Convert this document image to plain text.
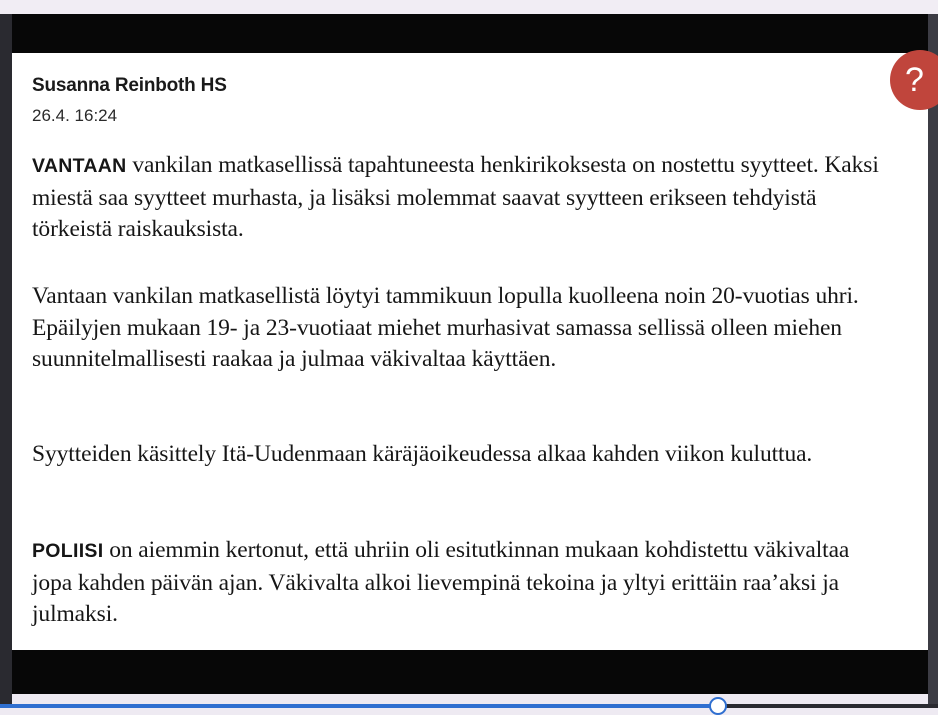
Susanna Reinboth HS
26.4. 16:24

VANTAAN vankilan matkasellissä tapahtuneesta henkirikoksesta on nostettu syytteet. Kaksi miestä saa syytteet murhasta, ja lisäksi molemmat saavat syytteen erikseen tehdyistä törkeistä raiskauksista.

Vantaan vankilan matkasellistä löytyi tammikuun lopulla kuolleena noin 20-vuotias uhri. Epäilyjen mukaan 19- ja 23-vuotiaat miehet murhasivat samassa sellissä olleen miehen suunnitelmallisesti raakaa ja julmaa väkivaltaa käyttäen.

Syytteiden käsittely Itä-Uudenmaan käräjäoikeudessa alkaa kahden viikon kuluttua.

POLIISI on aiemmin kertonut, että uhriin oli esitutkinnan mukaan kohdistettu väkivaltaa jopa kahden päivän ajan. Väkivalta alkoi lievempinä tekoina ja yltyi erittäin raa’aksi ja julmaksi.

?
